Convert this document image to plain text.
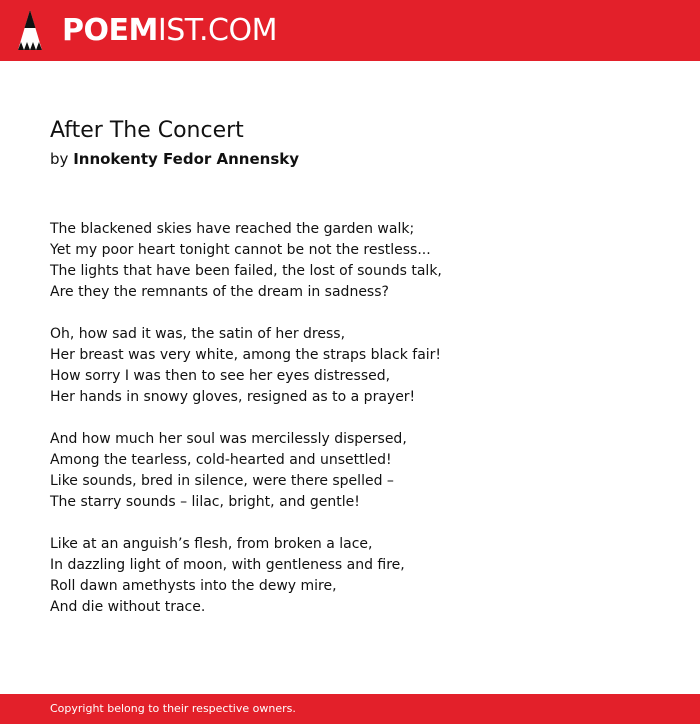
POEMIST.COM
After The Concert
by Innokenty Fedor Annensky
The blackened skies have reached the garden walk;
Yet my poor heart tonight cannot be not the restless...
The lights that have been failed, the lost of sounds talk,
Are they the remnants of the dream in sadness?
Oh, how sad it was, the satin of her dress,
Her breast was very white, among the straps black fair!
How sorry I was then to see her eyes distressed,
Her hands in snowy gloves, resigned as to a prayer!
And how much her soul was mercilessly dispersed,
Among the tearless, cold-hearted and unsettled!
Like sounds, bred in silence, were there spelled –
The starry sounds – lilac, bright, and gentle!
Like at an anguish’s flesh, from broken a lace,
In dazzling light of moon, with gentleness and fire,
Roll dawn amethysts into the dewy mire,
And die without trace.
Copyright belong to their respective owners.
